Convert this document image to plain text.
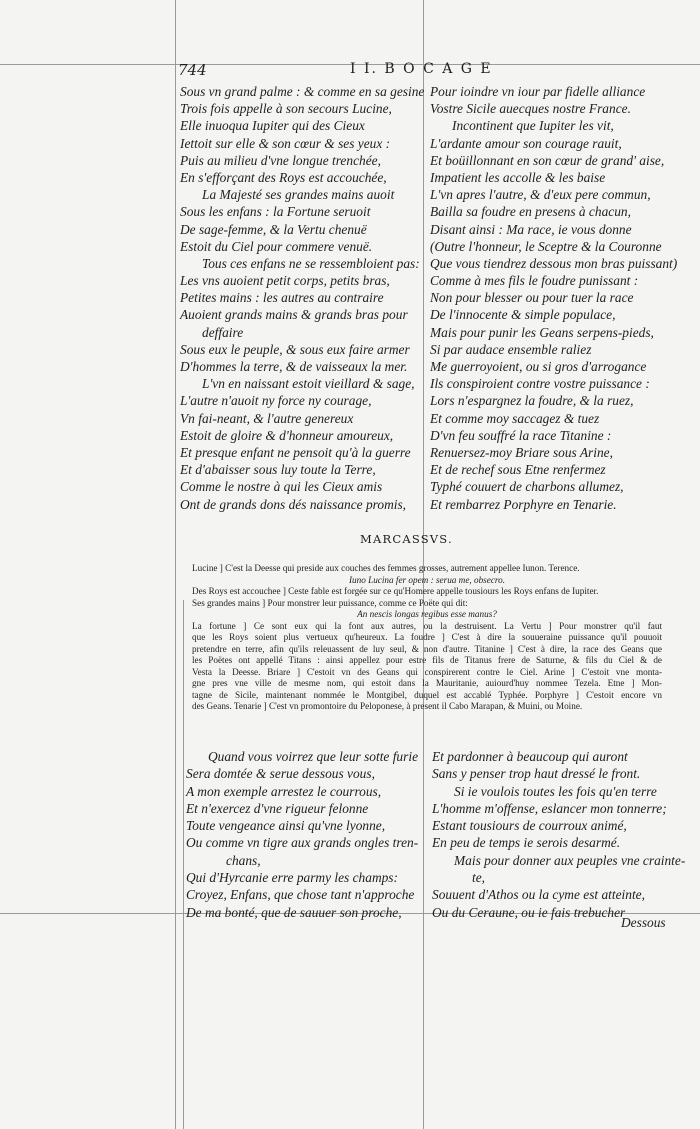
744	I I. B O C A G E
Sous vn grand palme : & comme en sa gesine
Trois fois appelle à son secours Lucine,
Elle inuoqua Iupiter qui des Cieux
Iettoit sur elle & son cœur & ses yeux :
Puis au milieu d'vne longue trenchée,
En s'efforçant des Roys est accouchée,
La Majesté ses grandes mains auoit
Sous les enfans : la Fortune seruoit
De sage-femme, & la Vertu chenuë
Estoit du Ciel pour commere venuë.
Tous ces enfans ne se ressembloient pas:
Les vns auoient petit corps, petits bras,
Petites mains : les autres au contraire
Auoient grands mains & grands bras pour
deffaire
Sous eux le peuple, & sous eux faire armer
D'hommes la terre, & de vaisseaux la mer.
L'vn en naissant estoit vieillard & sage,
L'autre n'auoit ny force ny courage,
Vn fai-neant, & l'autre genereux
Estoit de gloire & d'honneur amoureux,
Et presque enfant ne pensoit qu'à la guerre
Et d'abaisser sous luy toute la Terre,
Comme le nostre à qui les Cieux amis
Ont de grands dons dés naissance promis,
Pour ioindre vn iour par fidelle alliance
Vostre Sicile auecques nostre France.
Incontinent que Iupiter les vit,
L'ardante amour son courage rauit,
Et boüillonnant en son cœur de grand' aise,
Impatient les accolle & les baise
L'vn apres l'autre, & d'eux pere commun,
Bailla sa foudre en presens à chacun,
Disant ainsi : Ma race, ie vous donne
(Outre l'honneur, le Sceptre & la Couronne
Que vous tiendrez dessous mon bras puissant)
Comme à mes fils le foudre punissant :
Non pour blesser ou pour tuer la race
De l'innocente & simple populace,
Mais pour punir les Geans serpens-pieds,
Si par audace ensemble raliez
Me guerroyoient, ou si gros d'arrogance
Ils conspiroient contre vostre puissance :
Lors n'espargnez la foudre, & la ruez,
Et comme moy saccagez & tuez
D'vn feu souffré la race Titanine :
Renuersez-moy Briare sous Arine,
Et de rechef sous Etne renfermez
Typhé couuert de charbons allumez,
Et rembarrez Porphyre en Tenarie.
MARCASSVS.
Lucine ] C'est la Deesse qui preside aux couches des femmes grosses, autrement appellee Iunon. Terence.
Iuno Lucina fer opem : serua me, obsecro.
Des Roys est accouchee ] Ceste fable est forgée sur ce qu'Homere appelle tousiours les Roys enfans de Iupiter.
Ses grandes mains ] Pour monstrer leur puissance, comme ce Poëte qui dit:
An nescis longas regibus esse manus?
La fortune ] Ce sont eux qui la font aux autres, ou la destruisent. La Vertu ] Pour monstrer qu'il faut
que les Roys soient plus vertueux qu'heureux. La foudre ] C'est à dire la souueraine puissance qu'il pouuoit
pretendre en terre, afin qu'ils releuassent de luy seul, & non d'autre. Titanine ] C'est à dire, la race des Geans que
les Poëtes ont appellé Titans : ainsi appellez pour estre fils de Titanus frere de Saturne, & fils du Ciel & de
Vesta la Deesse. Briare ] C'estoit vn des Geans qui conspirerent contre le Ciel. Arine ] C'estoit vne monta-
gne pres vne ville de mesme nom, qui estoit dans la Mauritanie, auiourd'huy nommee Tezela. Etne ] Mon-
tagne de Sicile, maintenant nommée le Montgibel, duquel est accablé Typhée. Porphyre ] C'estoit encore vn
des Geans. Tenarie ] C'est vn promontoire du Peloponese, à present il Cabo Marapan, & Muini, ou Moine.
Quand vous voirrez que leur sotte furie
Sera domtée & serue dessous vous,
A mon exemple arrestez le courrous,
Et n'exercez d'vne rigueur felonne
Toute vengeance ainsi qu'vne lyonne,
Ou comme vn tigre aux grands ongles tren-
chans,
Qui d'Hyrcanie erre parmy les champs:
Croyez, Enfans, que chose tant n'approche
De ma bonté, que de sauuer son proche,
Et pardonner à beaucoup qui auront
Sans y penser trop haut dressé le front.
Si ie voulois toutes les fois qu'en terre
L'homme m'offense, eslancer mon tonnerre;
Estant tousiours de courroux animé,
En peu de temps ie serois desarmé.
Mais pour donner aux peuples vne crainte-
te,
Souuent d'Athos ou la cyme est atteinte,
Ou du Ceraune, ou ie fais trebucher
Dessous
